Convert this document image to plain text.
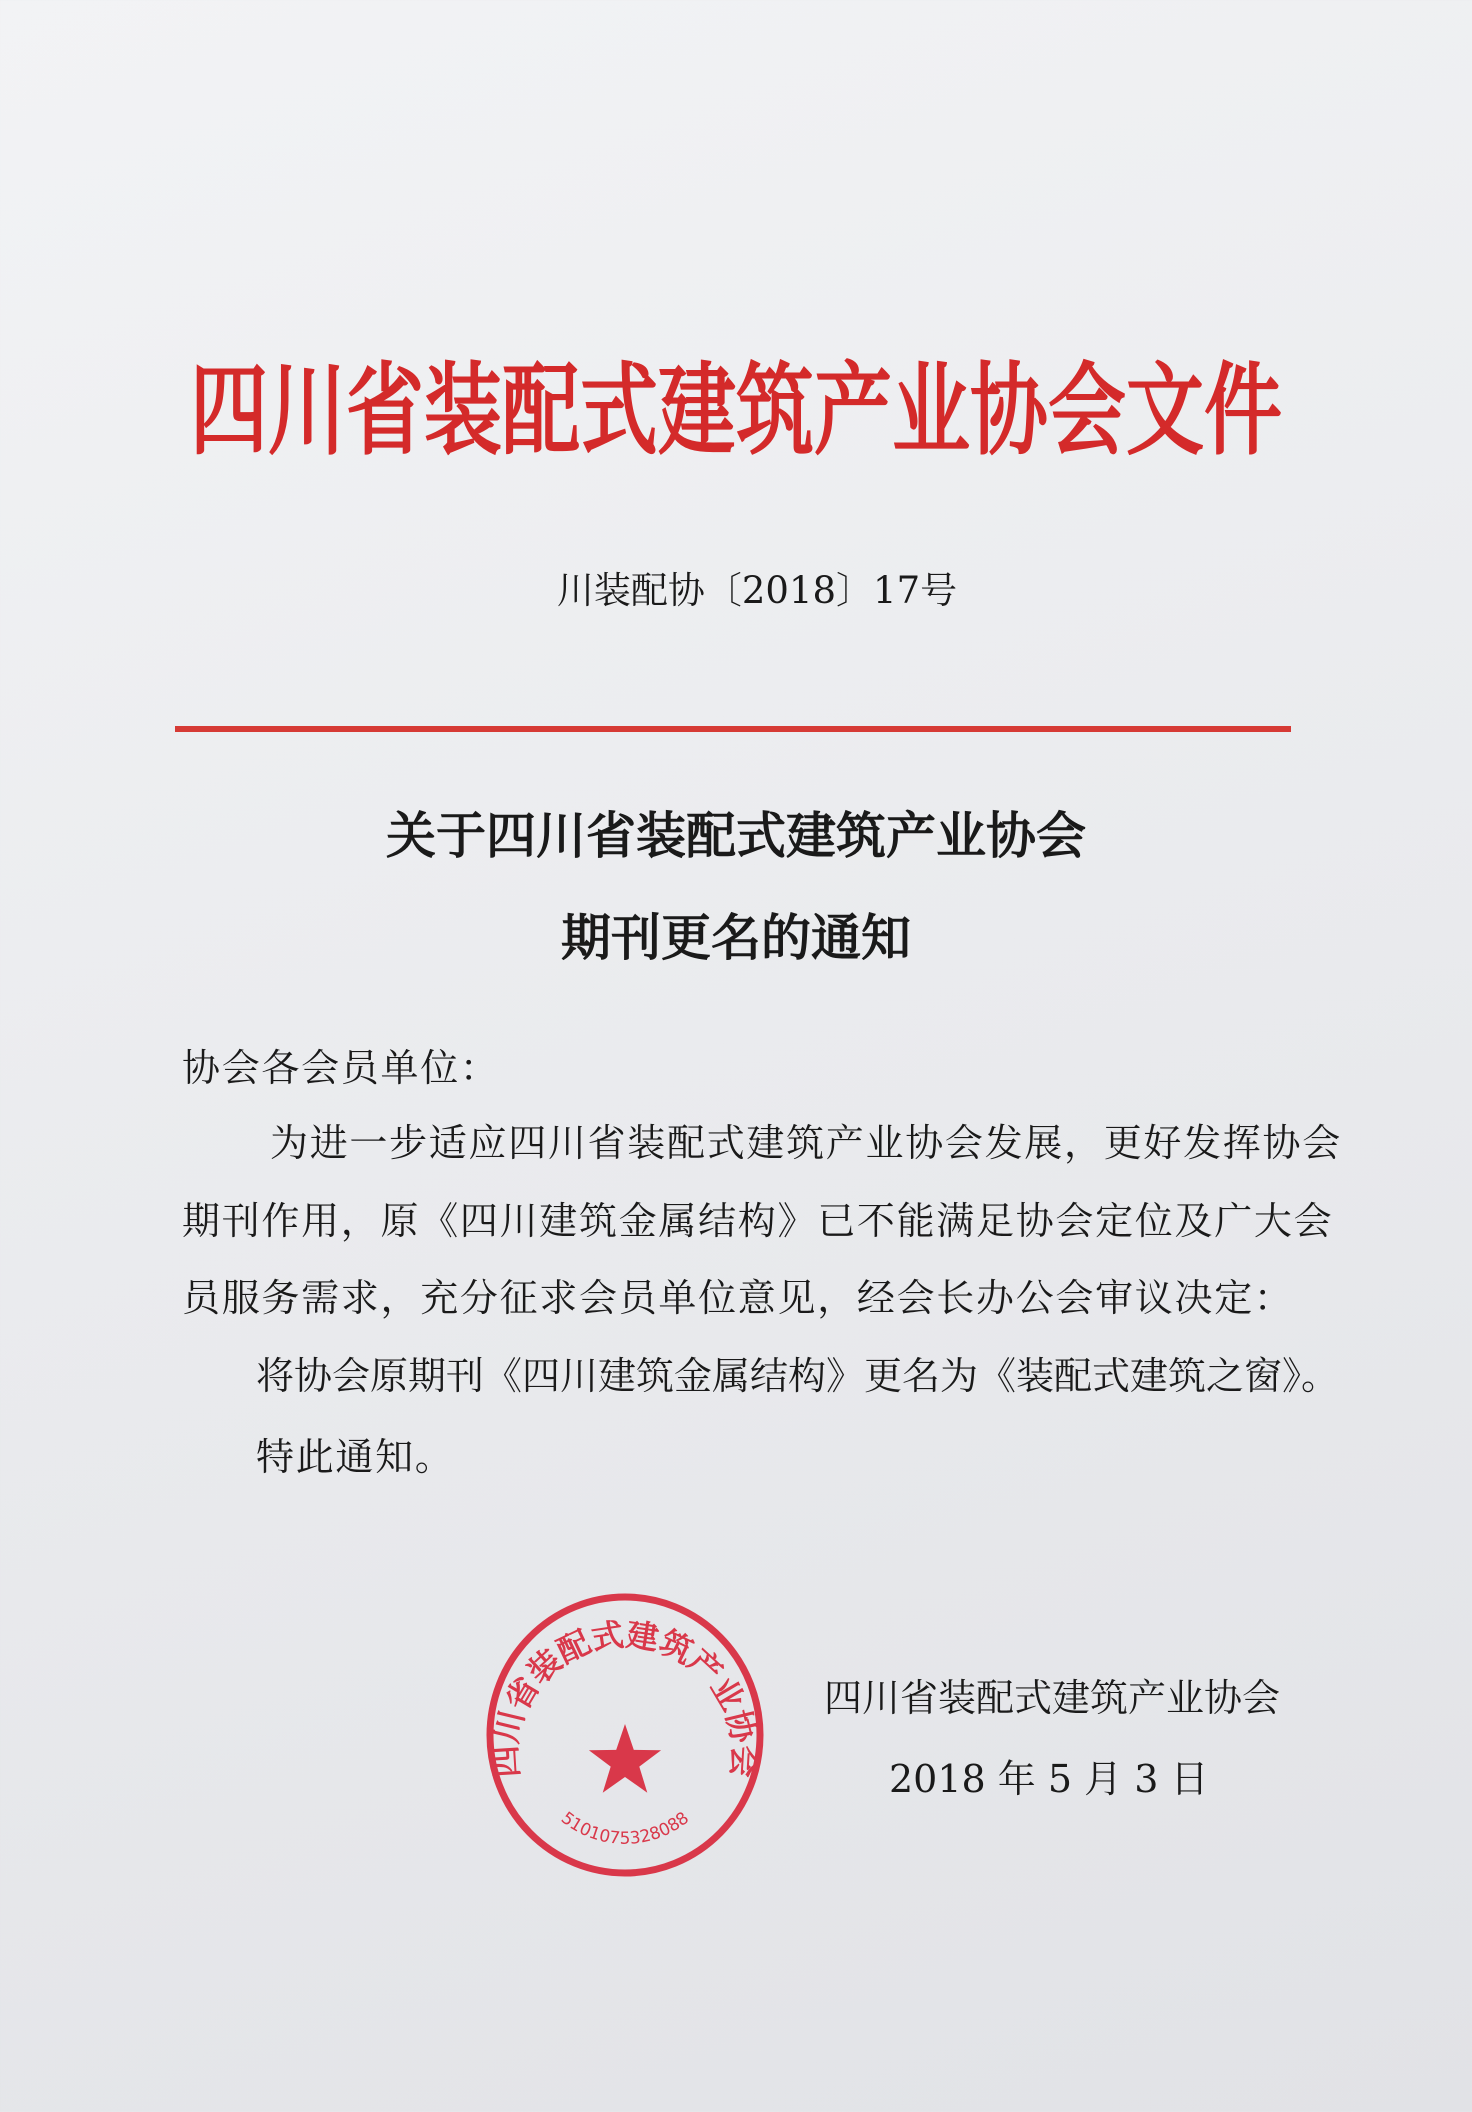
四川省装配式建筑产业协会文件
川装配协〔2018〕17号
关于四川省装配式建筑产业协会
期刊更名的通知
协会各会员单位：
为进一步适应四川省装配式建筑产业协会发展，更好发挥协会
期刊作用，原《四川建筑金属结构》已不能满足协会定位及广大会
员服务需求，充分征求会员单位意见，经会长办公会审议决定：
将协会原期刊《四川建筑金属结构》更名为《装配式建筑之窗》。
特此通知。
四川省装配式建筑产业协会
5101075328088
四川省装配式建筑产业协会
2018 年 5 月 3 日
